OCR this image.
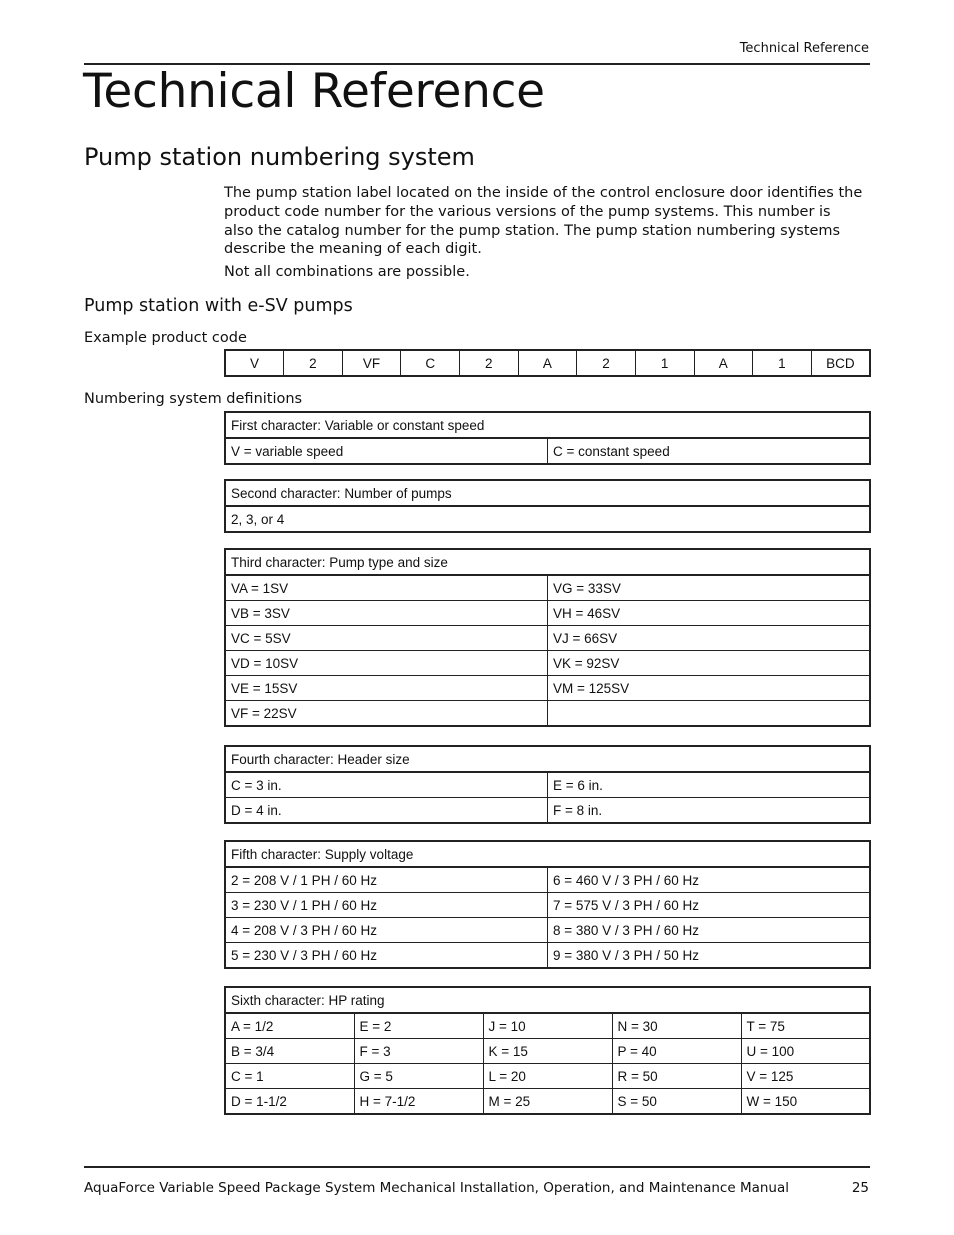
Technical Reference
Technical Reference
Pump station numbering system

The pump station label located on the inside of the control enclosure door identifies the product code number for the various versions of the pump systems. This number is also the catalog number for the pump station. The pump station numbering systems describe the meaning of each digit.

Not all combinations are possible.

Pump station with e-SV pumps
Example product code
V	2	VF	C	2	A	2	1	A	1	BCD
Numbering system definitions
First character: Variable or constant speed
V = variable speed	C = constant speed
Second character: Number of pumps
2, 3, or 4
Third character: Pump type and size	
VA = 1SV	VG = 33SV
VB = 3SV	VH = 46SV
VC = 5SV	VJ = 66SV
VD = 10SV	VK = 92SV
VE = 15SV	VM = 125SV
VF = 22SV	
Fourth character: Header size	
C = 3 in.	E = 6 in.
D = 4 in.	F = 8 in.
Fifth character: Supply voltage	
2 = 208 V / 1 PH / 60 Hz	6 = 460 V / 3 PH / 60 Hz
3 = 230 V / 1 PH / 60 Hz	7 = 575 V / 3 PH / 60 Hz
4 = 208 V / 3 PH / 60 Hz	8 = 380 V / 3 PH / 60 Hz
5 = 230 V / 3 PH / 60 Hz	9 = 380 V / 3 PH / 50 Hz
Sixth character: HP rating				
A = 1/2	E = 2	J = 10	N = 30	T = 75
B = 3/4	F = 3	K = 15	P = 40	U = 100
C = 1	G = 5	L = 20	R = 50	V = 125
D = 1-1/2	H = 7-1/2	M = 25	S = 50	W = 150
AquaForce Variable Speed Package System Mechanical Installation, Operation, and Maintenance Manual	25
